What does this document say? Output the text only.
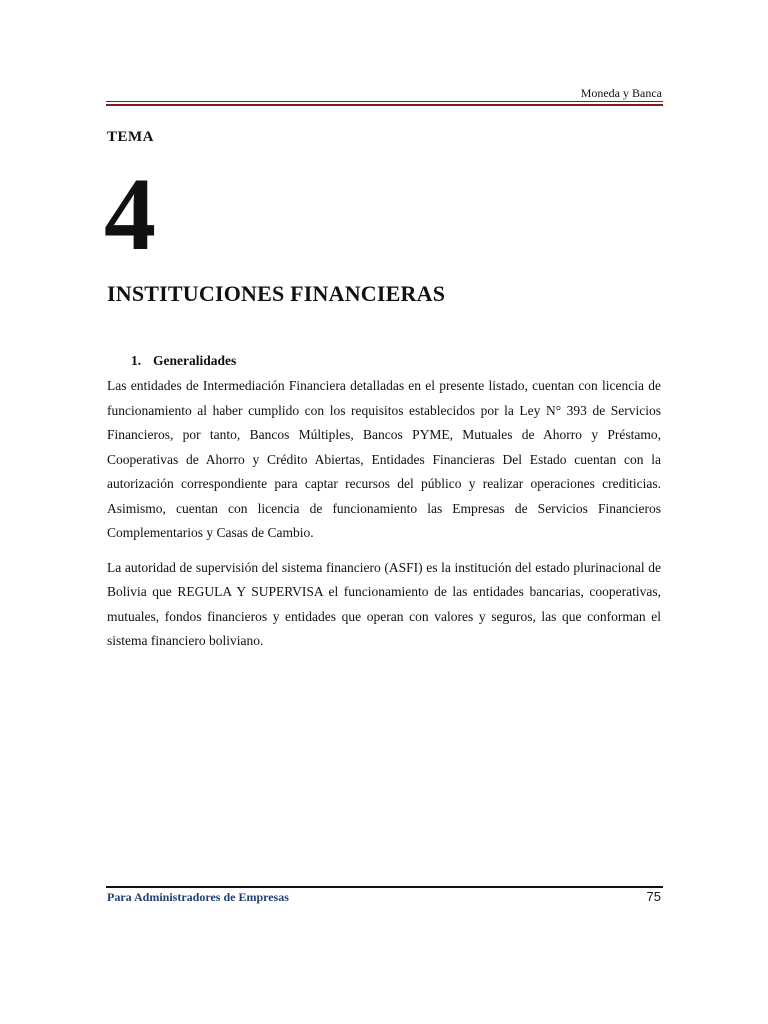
Moneda y Banca
TEMA
4
INSTITUCIONES FINANCIERAS
1. Generalidades

Las entidades de Intermediación Financiera detalladas en el presente listado, cuentan con licencia de funcionamiento al haber cumplido con los requisitos establecidos por la Ley N° 393 de Servicios Financieros, por tanto, Bancos Múltiples, Bancos PYME, Mutuales de Ahorro y Préstamo, Cooperativas de Ahorro y Crédito Abiertas, Entidades Financieras Del Estado cuentan con la autorización correspondiente para captar recursos del público y realizar operaciones crediticias. Asimismo, cuentan con licencia de funcionamiento las Empresas de Servicios Financieros Complementarios y Casas de Cambio.

La autoridad de supervisión del sistema financiero (ASFI) es la institución del estado plurinacional de Bolivia que REGULA Y SUPERVISA el funcionamiento de las entidades bancarias, cooperativas, mutuales, fondos financieros y entidades que operan con valores y seguros, las que conforman el sistema financiero boliviano.

Para Administradores de Empresas	75
